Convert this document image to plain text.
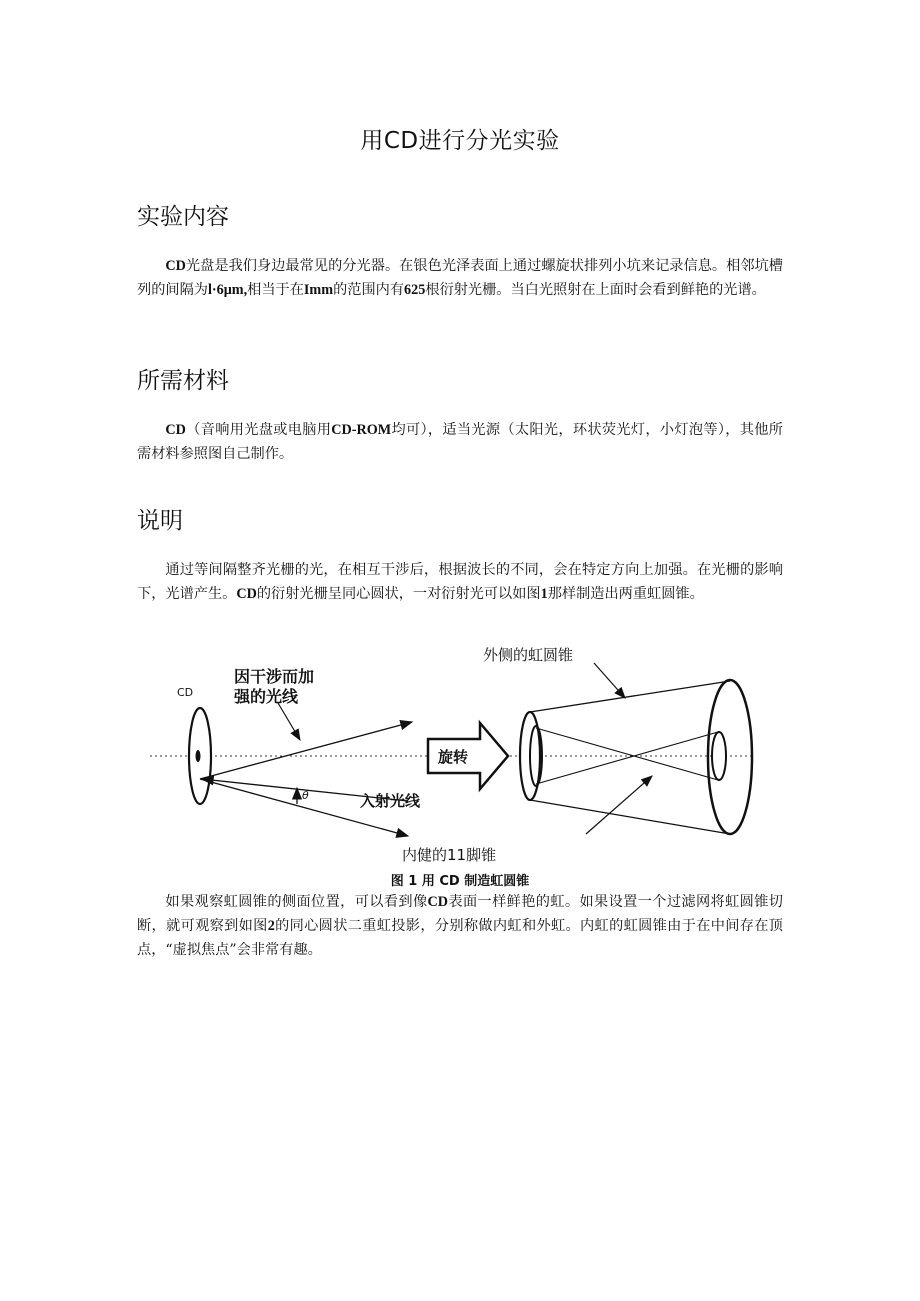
用CD进行分光实验
实验内容
CD光盘是我们身边最常见的分光器。在银色光泽表面上通过螺旋状排列小坑来记录信息。相邻坑槽列的间隔为l·6μm,相当于在Imm的范围内有625根衍射光栅。当白光照射在上面时会看到鲜艳的光谱。
所需材料
CD（音响用光盘或电脑用CD-ROM均可），适当光源（太阳光，环状荧光灯，小灯泡等），其他所需材料参照图自己制作。
说明
通过等间隔整齐光栅的光，在相互干涉后，根据波长的不同，会在特定方向上加强。在光栅的影响下，光谱产生。CD的衍射光栅呈同心圆状，一对衍射光可以如图1那样制造出两重虹圆锥。
CD
因干涉而加
强的光线
θ	入射光线
旋转
外侧的虹圆锥
内健的11脚锥
图 1 用 CD 制造虹圆锥
如果观察虹圆锥的侧面位置，可以看到像CD表面一样鲜艳的虹。如果设置一个过滤网将虹圆锥切断，就可观察到如图2的同心圆状二重虹投影，分别称做内虹和外虹。内虹的虹圆锥由于在中间存在顶点，“虚拟焦点”会非常有趣。
